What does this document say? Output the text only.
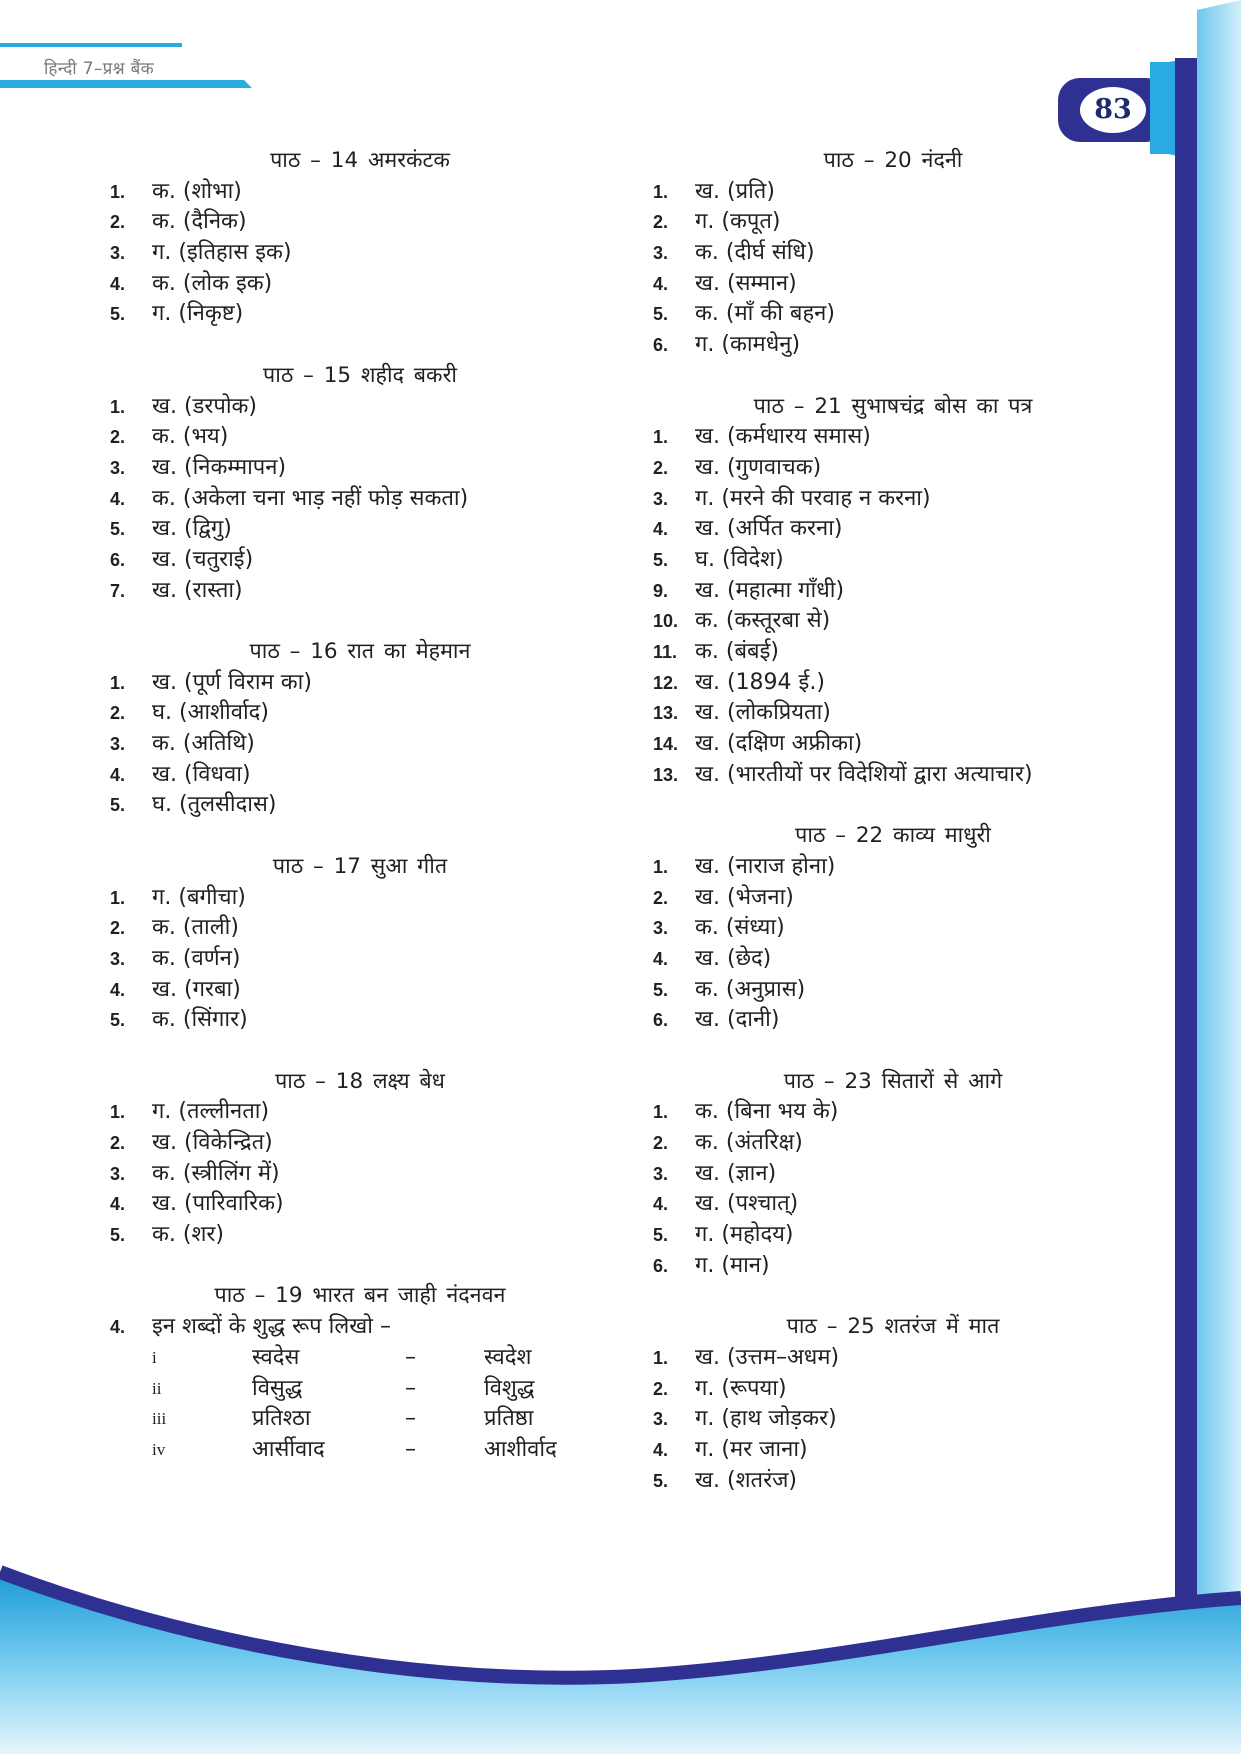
हिन्दी 7–प्रश्न बैंक
83
पाठ – 14 अमरकंटक
1.	क. (शोभा)
2.	क. (दैनिक)
3.	ग. (इतिहास इक)
4.	क. (लोक इक)
5.	ग. (निकृष्ट)
पाठ – 15 शहीद बकरी
1.	ख. (डरपोक)
2.	क. (भय)
3.	ख. (निकम्मापन)
4.	क. (अकेला चना भाड़ नहीं फोड़ सकता)
5.	ख. (द्विगु)
6.	ख. (चतुराई)
7.	ख. (रास्ता)
पाठ – 16 रात का मेहमान
1.	ख. (पूर्ण विराम का)
2.	घ. (आशीर्वाद)
3.	क. (अतिथि)
4.	ख. (विधवा)
5.	घ. (तुलसीदास)
पाठ – 17 सुआ गीत
1.	ग. (बगीचा)
2.	क. (ताली)
3.	क. (वर्णन)
4.	ख. (गरबा)
5.	क. (सिंगार)
पाठ – 18 लक्ष्य बेध
1.	ग. (तल्लीनता)
2.	ख. (विकेन्द्रित)
3.	क. (स्त्रीलिंग में)
4.	ख. (पारिवारिक)
5.	क. (शर)
पाठ – 19 भारत बन जाही नंदनवन
4.	इन शब्दों के शुद्ध रूप लिखो –
i	स्वदेस	–	स्वदेश
ii	विसुद्ध	–	विशुद्ध
iii	प्रतिश्ठा	–	प्रतिष्ठा
iv	आर्सीवाद	–	आशीर्वाद
पाठ – 20 नंदनी
1.	ख. (प्रति)
2.	ग. (कपूत)
3.	क. (दीर्घ संधि)
4.	ख. (सम्मान)
5.	क. (माँ की बहन)
6.	ग. (कामधेनु)
पाठ – 21 सुभाषचंद्र बोस का पत्र
1.	ख. (कर्मधारय समास)
2.	ख. (गुणवाचक)
3.	ग. (मरने की परवाह न करना)
4.	ख. (अर्पित करना)
5.	घ. (विदेश)
9.	ख. (महात्मा गाँधी)
10. क. (कस्तूरबा से)
11. क. (बंबई)
12. ख. (1894 ई.)
13. ख. (लोकप्रियता)
14. ख. (दक्षिण अफ्रीका)
13. ख. (भारतीयों पर विदेशियों द्वारा अत्याचार)
पाठ – 22 काव्य माधुरी
1.	ख. (नाराज होना)
2.	ख. (भेजना)
3.	क. (संध्या)
4.	ख. (छेद)
5.	क. (अनुप्रास)
6.	ख. (दानी)
पाठ – 23 सितारों से आगे
1.	क. (बिना भय के)
2.	क. (अंतरिक्ष)
3.	ख. (ज्ञान)
4.	ख. (पश्चात्)
5.	ग. (महोदय)
6.	ग. (मान)
पाठ – 25 शतरंज में मात
1.	ख. (उत्तम–अधम)
2.	ग. (रूपया)
3.	ग. (हाथ जोड़कर)
4.	ग. (मर जाना)
5.	ख. (शतरंज)
